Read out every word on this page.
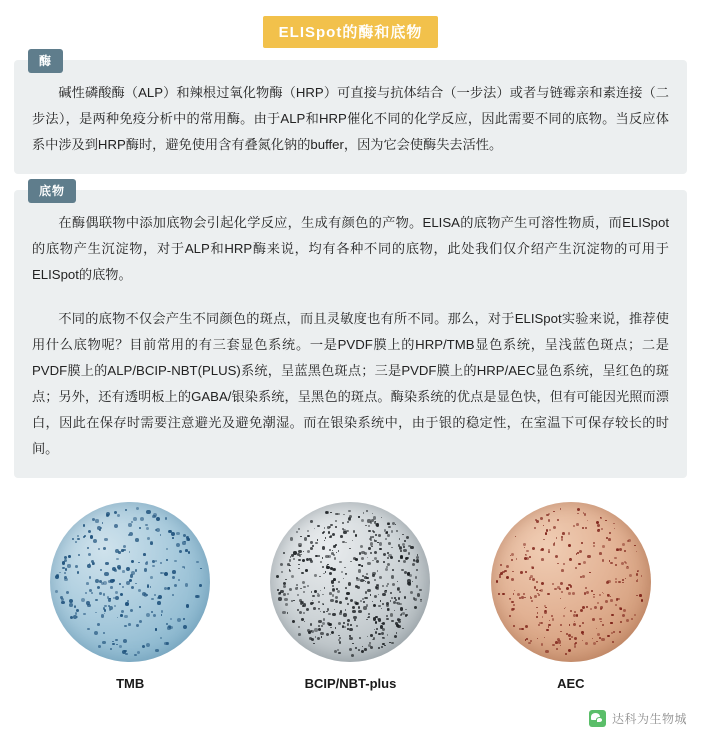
ELISpot的酶和底物
酶

碱性磷酸酶（ALP）和辣根过氧化物酶（HRP）可直接与抗体结合（一步法）或者与链霉亲和素连接（二步法），是两种免疫分析中的常用酶。由于ALP和HRP催化不同的化学反应，因此需要不同的底物。当反应体系中涉及到HRP酶时，避免使用含有叠氮化钠的buffer，因为它会使酶失去活性。

底物

在酶偶联物中添加底物会引起化学反应，生成有颜色的产物。ELISA的底物产生可溶性物质，而ELISpot的底物产生沉淀物，对于ALP和HRP酶来说，均有各种不同的底物，此处我们仅介绍产生沉淀物的可用于ELISpot的底物。

不同的底物不仅会产生不同颜色的斑点，而且灵敏度也有所不同。那么，对于ELISpot实验来说，推荐使用什么底物呢？目前常用的有三套显色系统。一是PVDF膜上的HRP/TMB显色系统，呈浅蓝色斑点；二是PVDF膜上的ALP/BCIP-NBT(PLUS)系统，呈蓝黑色斑点；三是PVDF膜上的HRP/AEC显色系统，呈红色的斑点；另外，还有透明板上的GABA/银染系统，呈黑色的斑点。酶染系统的优点是显色快，但有可能因光照而漂白，因此在保存时需要注意避光及避免潮湿。而在银染系统中，由于银的稳定性，在室温下可保存较长的时间。

TMB	BCIP/NBT-plus	AEC
达科为生物城
